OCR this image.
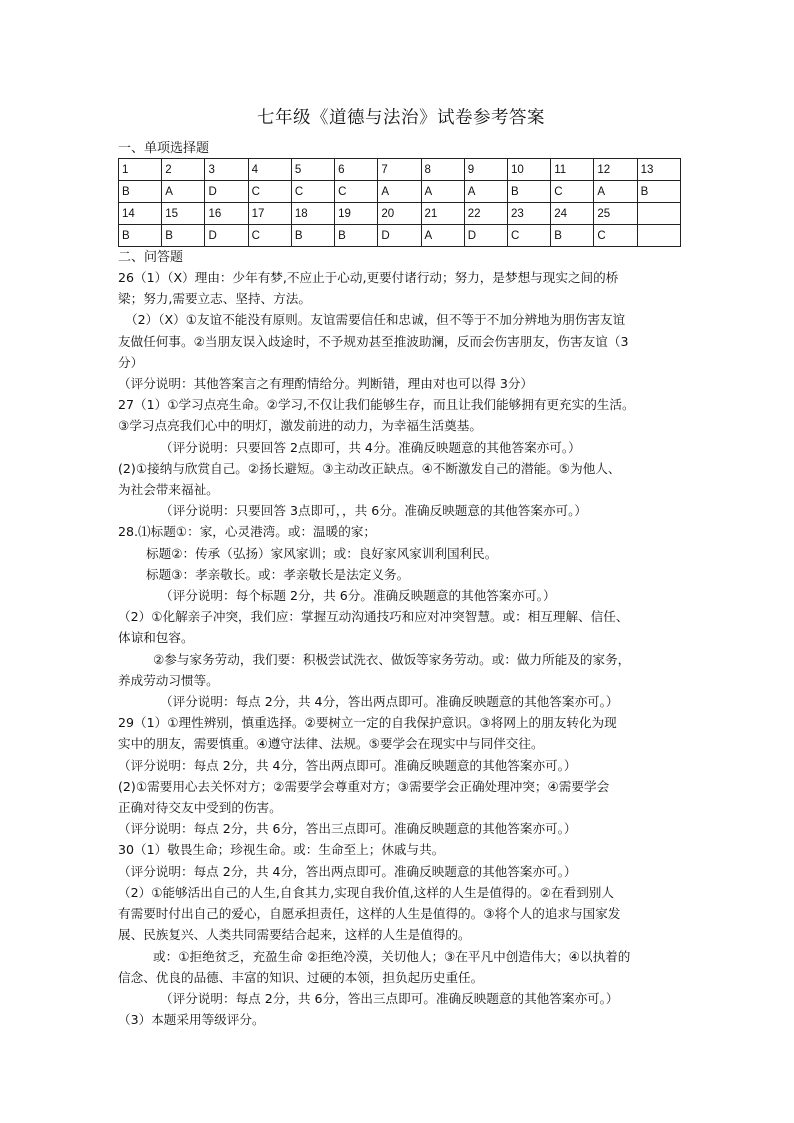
七年级《道德与法治》试卷参考答案
一、单项选择题
1	2	3	4	5	6	7	8	9	10	11	12	13
B	A	D	C	C	C	A	A	A	B	C	A	B
14	15	16	17	18	19	20	21	22	23	24	25	
B	B	D	C	B	B	D	A	D	C	B	C	
二、问答题

26（1）（X）理由：少年有梦,不应止于心动,更要付诸行动；努力，是梦想与现实之间的桥

梁；努力,需要立志、坚持、方法。

（2）（X）①友谊不能没有原则。友谊需要信任和忠诚，但不等于不加分辨地为朋伤害友谊

友做任何事。②当朋友误入歧途时，不予规劝甚至推波助澜，反而会伤害朋友，伤害友谊（3

分）

（评分说明：其他答案言之有理酌情给分。判断错，理由对也可以得 3分）

27（1）①学习点亮生命。②学习,不仅让我们能够生存，而且让我们能够拥有更充实的生活。

③学习点亮我们心中的明灯，激发前进的动力，为幸福生活奠基。

（评分说明：只要回答 2点即可，共 4分。准确反映题意的其他答案亦可。）

(2)①接纳与欣赏自己。②扬长避短。③主动改正缺点。④不断激发自己的潜能。⑤为他人、

为社会带来福祉。

（评分说明：只要回答 3点即可，，共 6分。准确反映题意的其他答案亦可。）

28.⑴标题①：家，心灵港湾。或：温暖的家；

标题②：传承（弘扬）家风家训；或：良好家风家训利国利民。

标题③：孝亲敬长。或：孝亲敬长是法定义务。

（评分说明：每个标题 2分，共 6分。准确反映题意的其他答案亦可。）

（2）①化解亲子冲突，我们应：掌握互动沟通技巧和应对冲突智慧。或：相互理解、信任、

体谅和包容。

②参与家务劳动，我们要：积极尝试洗衣、做饭等家务劳动。或：做力所能及的家务，

养成劳动习惯等。

（评分说明：每点 2分，共 4分，答出两点即可。准确反映题意的其他答案亦可。）

29（1）①理性辨别，慎重选择。②要树立一定的自我保护意识。③将网上的朋友转化为现

实中的朋友，需要慎重。④遵守法律、法规。⑤要学会在现实中与同伴交往。

（评分说明：每点 2分，共 4分，答出两点即可。准确反映题意的其他答案亦可。）

(2)①需要用心去关怀对方；②需要学会尊重对方；③需要学会正确处理冲突；④需要学会

正确对待交友中受到的伤害。

（评分说明：每点 2分，共 6分，答出三点即可。准确反映题意的其他答案亦可。）

30（1）敬畏生命；珍视生命。或：生命至上；休戚与共。

（评分说明：每点 2分，共 4分，答出两点即可。准确反映题意的其他答案亦可。）

（2）①能够活出自己的人生,自食其力,实现自我价值,这样的人生是值得的。②在看到别人

有需要时付出自己的爱心，自愿承担责任，这样的人生是值得的。③将个人的追求与国家发

展、民族复兴、人类共同需要结合起来，这样的人生是值得的。

或：①拒绝贫乏，充盈生命 ②拒绝冷漠，关切他人；③在平凡中创造伟大；④以执着的

信念、优良的品德、丰富的知识、过硬的本领，担负起历史重任。

（评分说明：每点 2分，共 6分，答出三点即可。准确反映题意的其他答案亦可。）

（3）本题采用等级评分。
